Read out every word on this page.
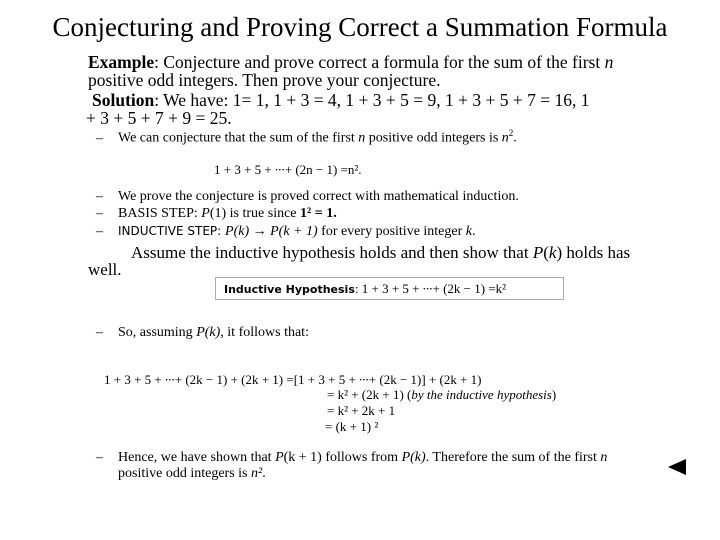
Conjecturing and Proving Correct a Summation Formula
Example: Conjecture and prove correct a formula for the sum of the first n
positive odd integers. Then prove your conjecture.
Solution: We have: 1= 1, 1 + 3 = 4, 1 + 3 + 5 = 9, 1 + 3 + 5 + 7 = 16, 1
+ 3 + 5 + 7 + 9 = 25.
– We can conjecture that the sum of the first n positive odd integers is $n^2$.
1 + 3 + 5 + ∙∙∙+ (2n − 1) =n².
– We prove the conjecture is proved correct with mathematical induction.
– BASIS STEP: P(1) is true since 1² = 1.
– INDUCTIVE STEP: P(k) → P(k + 1) for every positive integer k.
Assume the inductive hypothesis holds and then show that P(k) holds has
well.
Inductive Hypothesis: 1 + 3 + 5 + ∙∙∙+ (2k − 1) =k²
– So, assuming P(k), it follows that:
1 + 3 + 5 + ∙∙∙+ (2k − 1) + (2k + 1) =[1 + 3 + 5 + ∙∙∙+ (2k − 1)] + (2k + 1)
= k² + (2k + 1) (by the inductive hypothesis)
= k² + 2k + 1
= (k + 1) ²
– Hence, we have shown that P(k + 1) follows from P(k). Therefore the sum of the first n
positive odd integers is n².
